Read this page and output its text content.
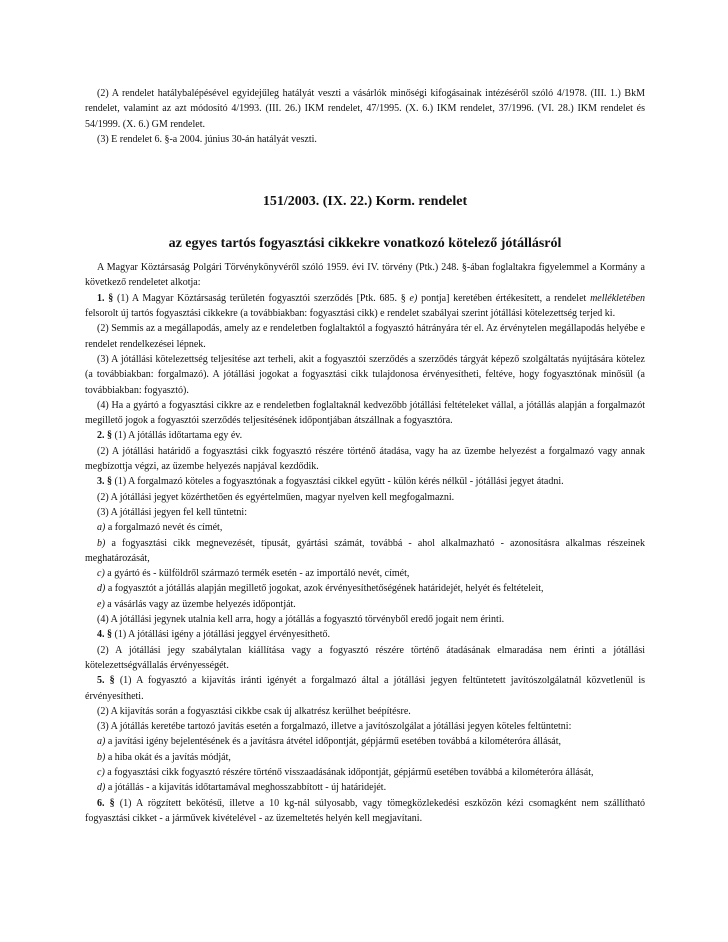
(2) A rendelet hatálybalépésével egyidejűleg hatályát veszti a vásárlók minőségi kifogásainak intézéséről szóló 4/1978. (III. 1.) BkM rendelet, valamint az azt módosító 4/1993. (III. 26.) IKM rendelet, 47/1995. (X. 6.) IKM rendelet, 37/1996. (VI. 28.) IKM rendelet és 54/1999. (X. 6.) GM rendelet.

(3) E rendelet 6. §-a 2004. június 30-án hatályát veszti.

151/2003. (IX. 22.) Korm. rendelet

az egyes tartós fogyasztási cikkekre vonatkozó kötelező jótállásról

A Magyar Köztársaság Polgári Törvénykönyvéről szóló 1959. évi IV. törvény (Ptk.) 248. §-ában foglaltakra figyelemmel a Kormány a következő rendeletet alkotja:

1. § (1) A Magyar Köztársaság területén fogyasztói szerződés [Ptk. 685. § e) pontja] keretében értékesített, a rendelet mellékletében felsorolt új tartós fogyasztási cikkekre (a továbbiakban: fogyasztási cikk) e rendelet szabályai szerint jótállási kötelezettség terjed ki.

(2) Semmis az a megállapodás, amely az e rendeletben foglaltaktól a fogyasztó hátrányára tér el. Az érvénytelen megállapodás helyébe e rendelet rendelkezései lépnek.

(3) A jótállási kötelezettség teljesítése azt terheli, akit a fogyasztói szerződés a szerződés tárgyát képező szolgáltatás nyújtására kötelez (a továbbiakban: forgalmazó). A jótállási jogokat a fogyasztási cikk tulajdonosa érvényesítheti, feltéve, hogy fogyasztónak minősül (a továbbiakban: fogyasztó).

(4) Ha a gyártó a fogyasztási cikkre az e rendeletben foglaltaknál kedvezőbb jótállási feltételeket vállal, a jótállás alapján a forgalmazót megillető jogok a fogyasztói szerződés teljesítésének időpontjában átszállnak a fogyasztóra.

2. § (1) A jótállás időtartama egy év.

(2) A jótállási határidő a fogyasztási cikk fogyasztó részére történő átadása, vagy ha az üzembe helyezést a forgalmazó vagy annak megbízottja végzi, az üzembe helyezés napjával kezdődik.

3. § (1) A forgalmazó köteles a fogyasztónak a fogyasztási cikkel együtt - külön kérés nélkül - jótállási jegyet átadni.

(2) A jótállási jegyet közérthetően és egyértelműen, magyar nyelven kell megfogalmazni.

(3) A jótállási jegyen fel kell tüntetni:

a) a forgalmazó nevét és címét,

b) a fogyasztási cikk megnevezését, típusát, gyártási számát, továbbá - ahol alkalmazható - azonosításra alkalmas részeinek meghatározását,

c) a gyártó és - külföldről származó termék esetén - az importáló nevét, címét,

d) a fogyasztót a jótállás alapján megillető jogokat, azok érvényesíthetőségének határidejét, helyét és feltételeit,

e) a vásárlás vagy az üzembe helyezés időpontját.

(4) A jótállási jegynek utalnia kell arra, hogy a jótállás a fogyasztó törvényből eredő jogait nem érinti.

4. § (1) A jótállási igény a jótállási jeggyel érvényesíthető.

(2) A jótállási jegy szabálytalan kiállítása vagy a fogyasztó részére történő átadásának elmaradása nem érinti a jótállási kötelezettségvállalás érvényességét.

5. § (1) A fogyasztó a kijavítás iránti igényét a forgalmazó által a jótállási jegyen feltüntetett javítószolgálatnál közvetlenül is érvényesítheti.

(2) A kijavítás során a fogyasztási cikkbe csak új alkatrész kerülhet beépítésre.

(3) A jótállás keretébe tartozó javítás esetén a forgalmazó, illetve a javítószolgálat a jótállási jegyen köteles feltüntetni:

a) a javítási igény bejelentésének és a javításra átvétel időpontját, gépjármű esetében továbbá a kilométeróra állását,

b) a hiba okát és a javítás módját,

c) a fogyasztási cikk fogyasztó részére történő visszaadásának időpontját, gépjármű esetében továbbá a kilométeróra állását,

d) a jótállás - a kijavítás időtartamával meghosszabbított - új határidejét.

6. § (1) A rögzített bekötésű, illetve a 10 kg-nál súlyosabb, vagy tömegközlekedési eszközön kézi csomagként nem szállítható fogyasztási cikket - a járművek kivételével - az üzemeltetés helyén kell megjavítani.
